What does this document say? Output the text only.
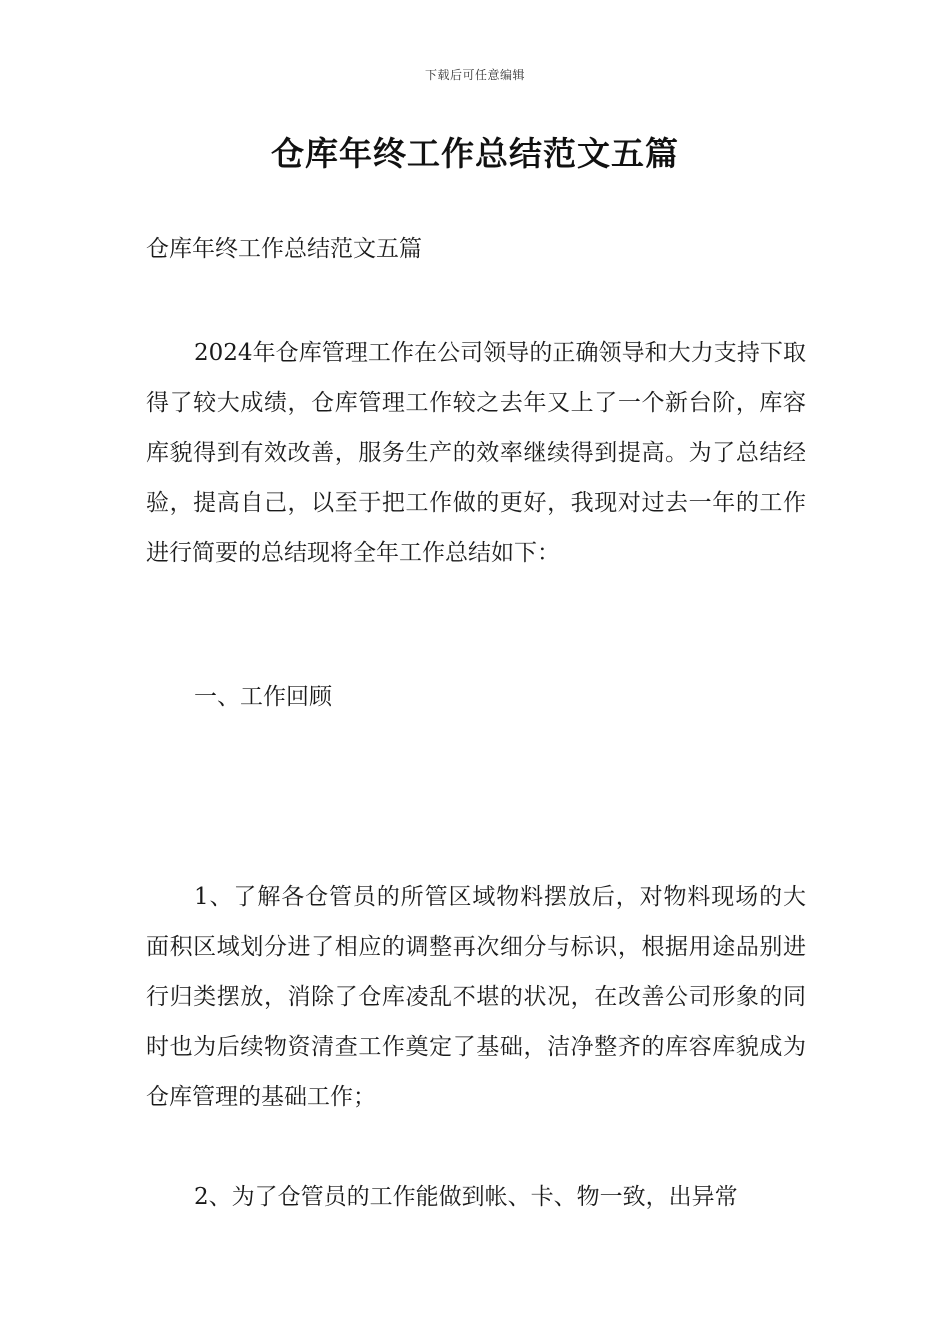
下载后可任意编辑
仓库年终工作总结范文五篇

仓库年终工作总结范文五篇

2024年仓库管理工作在公司领导的正确领导和大力支持下取得了较大成绩，仓库管理工作较之去年又上了一个新台阶，库容库貌得到有效改善，服务生产的效率继续得到提高。为了总结经验，提高自己，以至于把工作做的更好，我现对过去一年的工作进行简要的总结现将全年工作总结如下：

一、工作回顾

1、了解各仓管员的所管区域物料摆放后，对物料现场的大面积区域划分进了相应的调整再次细分与标识，根据用途品别进行归类摆放，消除了仓库凌乱不堪的状况，在改善公司形象的同时也为后续物资清查工作奠定了基础，洁净整齐的库容库貌成为仓库管理的基础工作；

2、为了仓管员的工作能做到帐、卡、物一致，出异常
